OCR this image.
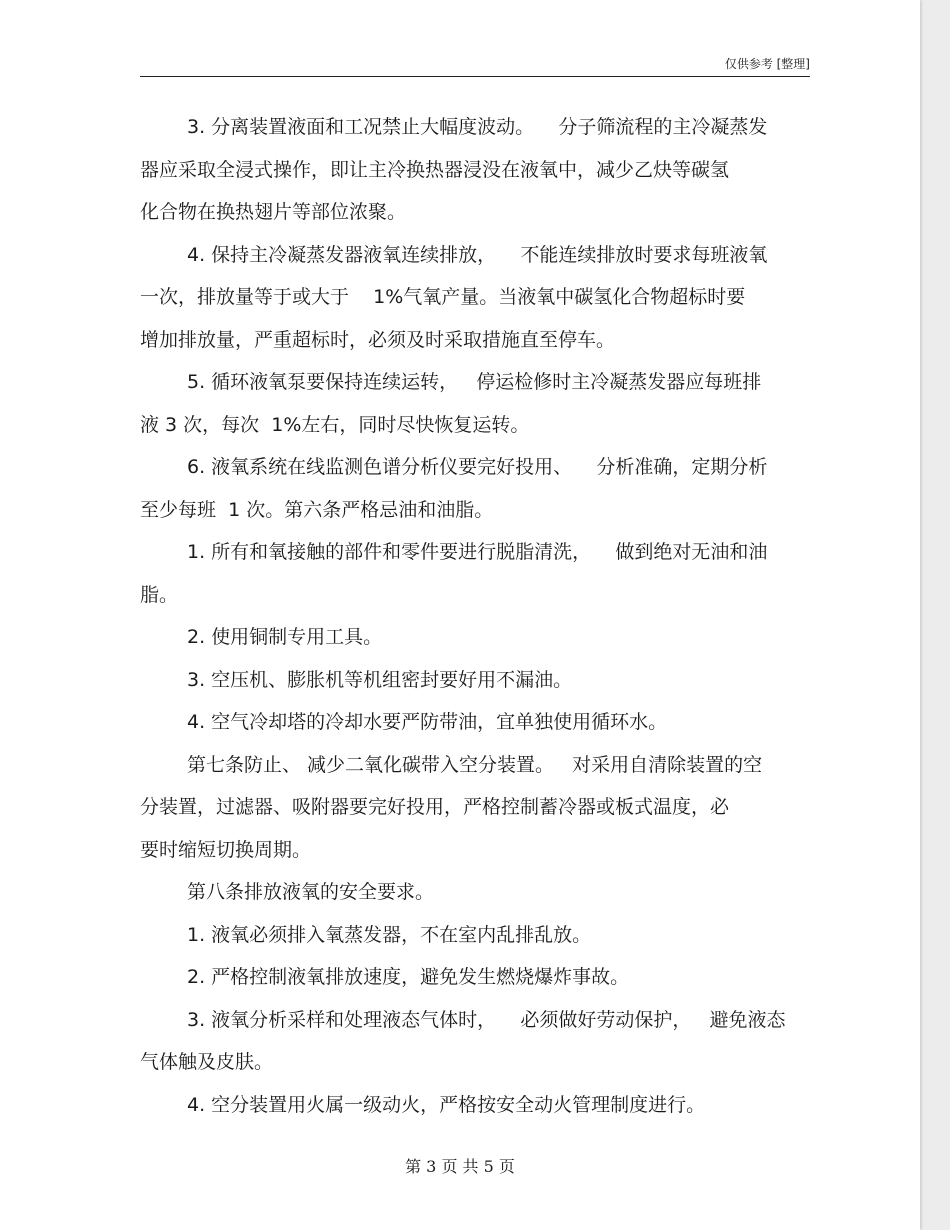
仅供参考 [整理]
3. 分离装置液面和工况禁止大幅度波动。    分子筛流程的主冷凝蒸发
器应采取全浸式操作，即让主冷换热器浸没在液氧中，减少乙炔等碳氢
化合物在换热翅片等部位浓聚。
4. 保持主冷凝蒸发器液氧连续排放，    不能连续排放时要求每班液氧
一次，排放量等于或大于    1%气氧产量。当液氧中碳氢化合物超标时要
增加排放量，严重超标时，必须及时采取措施直至停车。
5. 循环液氧泵要保持连续运转，   停运检修时主冷凝蒸发器应每班排
液 3 次，每次  1%左右，同时尽快恢复运转。
6. 液氧系统在线监测色谱分析仪要完好投用、    分析准确，定期分析
至少每班  1 次。第六条严格忌油和油脂。
1. 所有和氧接触的部件和零件要进行脱脂清洗，    做到绝对无油和油
脂。
2. 使用铜制专用工具。
3. 空压机、膨胀机等机组密封要好用不漏油。
4. 空气冷却塔的冷却水要严防带油，宜单独使用循环水。
第七条防止、 减少二氧化碳带入空分装置。   对采用自清除装置的空
分装置，过滤器、吸附器要完好投用，严格控制蓄冷器或板式温度，必
要时缩短切换周期。
第八条排放液氧的安全要求。
1. 液氧必须排入氧蒸发器，不在室内乱排乱放。
2. 严格控制液氧排放速度，避免发生燃烧爆炸事故。
3. 液氧分析采样和处理液态气体时，    必须做好劳动保护，   避免液态
气体触及皮肤。
4. 空分装置用火属一级动火，严格按安全动火管理制度进行。
第 3 页 共 5 页
